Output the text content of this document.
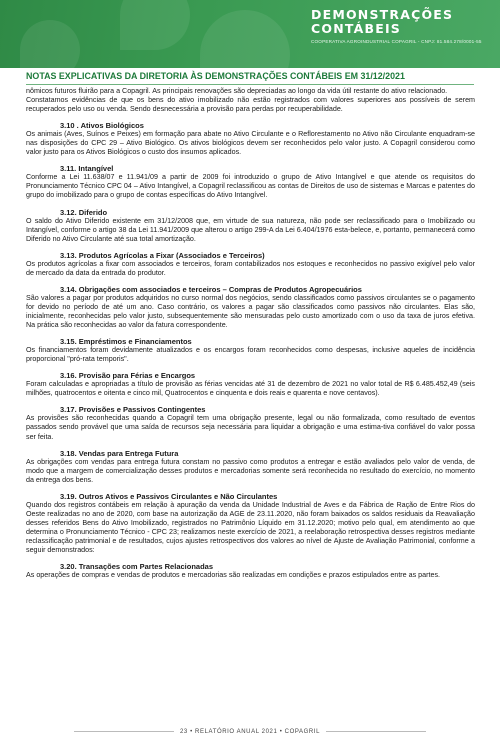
DEMONSTRAÇÕES
CONTÁBEIS
COOPERATIVA AGROINDUSTRIAL COPAGRIL - CNPJ: 81.584.278/0001-55
NOTAS EXPLICATIVAS DA DIRETORIA ÀS DEMONSTRAÇÕES CONTÁBEIS EM 31/12/2021

nômicos futuros fluirão para a Copagril. As principais renovações são depreciadas ao longo da vida útil restante do ativo relacionado.

Constatamos evidências de que os bens do ativo imobilizado não estão registrados com valores superiores aos possíveis de serem recuperados pelo uso ou venda. Sendo desnecessária a provisão para perdas por recuperabilidade.

3.10 . Ativos Biológicos

Os animais (Aves, Suínos e Peixes) em formação para abate no Ativo Circulante e o Reflorestamento no Ativo não Circulante enquadram-se nas disposições do CPC 29 – Ativo Biológico. Os ativos biológicos devem ser reconhecidos pelo valor justo. A Copagril considerou como valor justo para os Ativos Biológicos o custo dos insumos aplicados.

3.11. Intangível

Conforme a Lei 11.638/07 e 11.941/09 a partir de 2009 foi introduzido o grupo de Ativo Intangível e que atende os requisitos do Pronunciamento Técnico CPC 04 – Ativo Intangível, a Copagril reclassificou as contas de Direitos de uso de sistemas e Marcas e patentes do grupo do imobilizado para o grupo de contas específicas do Ativo Intangível.

3.12. Diferido

O saldo do Ativo Diferido existente em 31/12/2008 que, em virtude de sua natureza, não pode ser reclassificado para o Imobilizado ou Intangível, conforme o artigo 38 da Lei 11.941/2009 que alterou o artigo 299-A da Lei 6.404/1976 esta-belece, e, portanto, permanecerá como Diferido no Ativo Circulante até sua total amortização.

3.13. Produtos Agrícolas a Fixar (Associados e Terceiros)

Os produtos agrícolas a fixar com associados e terceiros, foram contabilizados nos estoques e reconhecidos no passivo exigível pelo valor de mercado da data da entrada do produtor.

3.14. Obrigações com associados e terceiros – Compras de Produtos Agropecuários

São valores a pagar por produtos adquiridos no curso normal dos negócios, sendo classificados como passivos circulantes se o pagamento for devido no período de até um ano. Caso contrário, os valores a pagar são classificados como passivos não circulantes. Elas são, inicialmente, reconhecidas pelo valor justo, subsequentemente são mensuradas pelo custo amortizado com o uso da taxa de juros efetiva. Na prática são reconhecidas ao valor da fatura correspondente.

3.15. Empréstimos e Financiamentos

Os financiamentos foram devidamente atualizados e os encargos foram reconhecidos como despesas, inclusive aqueles de incidência proporcional "pró-rata temporis".

3.16. Provisão para Férias e Encargos

Foram calculadas e apropriadas a título de provisão as férias vencidas até 31 de dezembro de 2021 no valor total de R$ 6.485.452,49 (seis milhões, quatrocentos e oitenta e cinco mil, Quatrocentos e cinquenta e dois reais e quarenta e nove centavos).

3.17. Provisões e Passivos Contingentes

As provisões são reconhecidas quando a Copagril tem uma obrigação presente, legal ou não formalizada, como resultado de eventos passados sendo provável que uma saída de recursos seja necessária para liquidar a obrigação e uma estima-tiva confiável do valor possa ser feita.

3.18. Vendas para Entrega Futura

As obrigações com vendas para entrega futura constam no passivo como produtos a entregar e estão avaliados pelo valor de venda, de modo que a margem de comercialização desses produtos e mercadorias somente será reconhecida no resultado do exercício, no momento da entrega dos bens.

3.19. Outros Ativos e Passivos Circulantes e Não Circulantes

Quando dos registros contábeis em relação à apuração da venda da Unidade Industrial de Aves e da Fábrica de Ração de Entre Rios do Oeste realizadas no ano de 2020, com base na autorização da AGE de 23.11.2020, não foram baixados os saldos residuais da Reavaliação desses referidos Bens do Ativo Imobilizado, registrados no Patrimônio Líquido em 31.12.2020; motivo pelo qual, em atendimento ao que determina o Pronunciamento Técnico - CPC 23; realizamos neste exercício de 2021, a reelaboração retrospectiva desses registros mediante reclassificação patrimonial e de resultados, cujos ajustes retrospectivos dos valores ao nível de Ajuste de Avaliação Patrimonial, conforme a seguir demonstrados:

3.20. Transações com Partes Relacionadas

As operações de compras e vendas de produtos e mercadorias são realizadas em condições e prazos estipulados entre as partes.

23 • RELATÓRIO ANUAL 2021 • COPAGRIL
